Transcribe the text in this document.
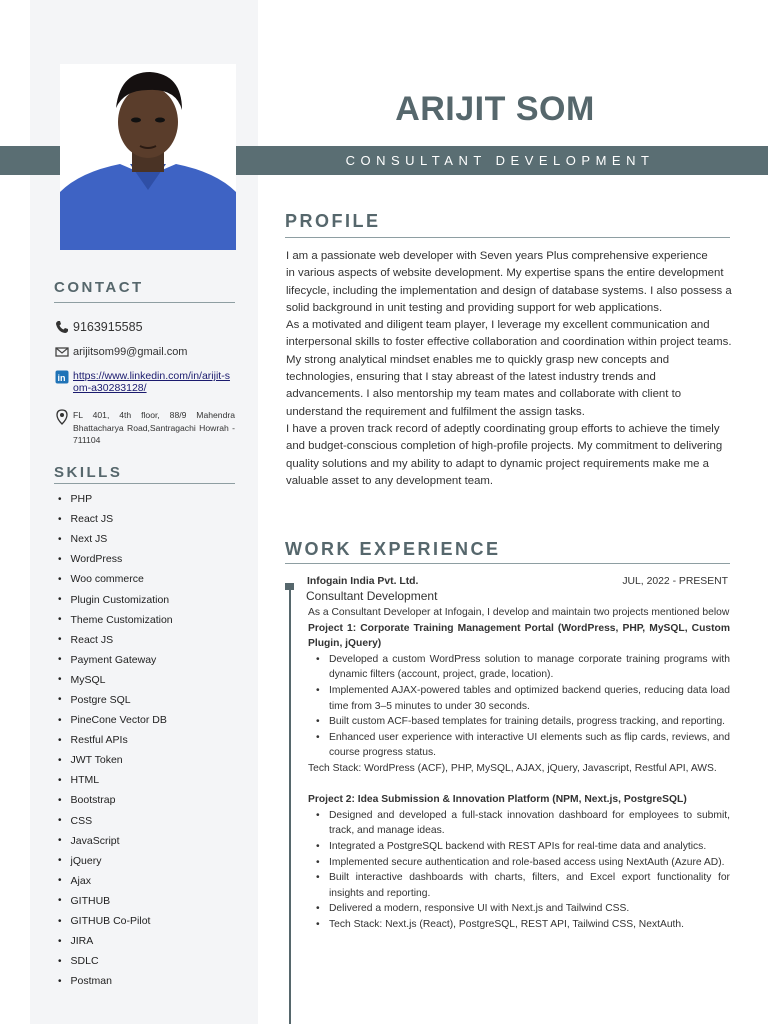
ARIJIT SOM
CONSULTANT DEVELOPMENT
CONTACT
9163915585
arijitsom99@gmail.com
in https://www.linkedin.com/in/arijit-som-a30283128/
FL 401, 4th floor, 88/9 Mahendra Bhattacharya Road,Santragachi Howrah - 711104
SKILLS
• PHP
• React JS
• Next JS
• WordPress
• Woo commerce
• Plugin Customization
• Theme Customization
• React JS
• Payment Gateway
• MySQL
• Postgre SQL
• PineCone Vector DB
• Restful APIs
• JWT Token
• HTML
• Bootstrap
• CSS
• JavaScript
• jQuery
• Ajax
• GITHUB
• GITHUB Co-Pilot
• JIRA
• SDLC
• Postman
PROFILE

I am a passionate web developer with Seven years Plus comprehensive experience

in various aspects of website development. My expertise spans the entire development lifecycle, including the implementation and design of database systems. I also possess a solid background in unit testing and providing support for web applications.

As a motivated and diligent team player, I leverage my excellent communication and interpersonal skills to foster effective collaboration and coordination within project teams. My strong analytical mindset enables me to quickly grasp new concepts and technologies, ensuring that I stay abreast of the latest industry trends and advancements. I also mentorship my team mates and collaborate with client to understand the requirement and fulfilment the assign tasks.

I have a proven track record of adeptly coordinating group efforts to achieve the timely and budget-conscious completion of high-profile projects. My commitment to delivering quality solutions and my ability to adapt to dynamic project requirements make me a valuable asset to any development team.

WORK EXPERIENCE
Infogain India Pvt. Ltd.	JUL, 2022 - PRESENT
Consultant Development

As a Consultant Developer at Infogain, I develop and maintain two projects mentioned below

Project 1: Corporate Training Management Portal (WordPress, PHP, MySQL, Custom Plugin, jQuery)

• Developed a custom WordPress solution to manage corporate training programs with dynamic filters (account, project, grade, location).
• Implemented AJAX-powered tables and optimized backend queries, reducing data load time from 3–5 minutes to under 30 seconds.
• Built custom ACF-based templates for training details, progress tracking, and reporting.
• Enhanced user experience with interactive UI elements such as flip cards, reviews, and course progress status.

Tech Stack: WordPress (ACF), PHP, MySQL, AJAX, jQuery, Javascript, Restful API, AWS.

Project 2: Idea Submission & Innovation Platform (NPM, Next.js, PostgreSQL)

• Designed and developed a full-stack innovation dashboard for employees to submit, track, and manage ideas.
• Integrated a PostgreSQL backend with REST APIs for real-time data and analytics.
• Implemented secure authentication and role-based access using NextAuth (Azure AD).
• Built interactive dashboards with charts, filters, and Excel export functionality for insights and reporting.
• Delivered a modern, responsive UI with Next.js and Tailwind CSS.
• Tech Stack: Next.js (React), PostgreSQL, REST API, Tailwind CSS, NextAuth.
